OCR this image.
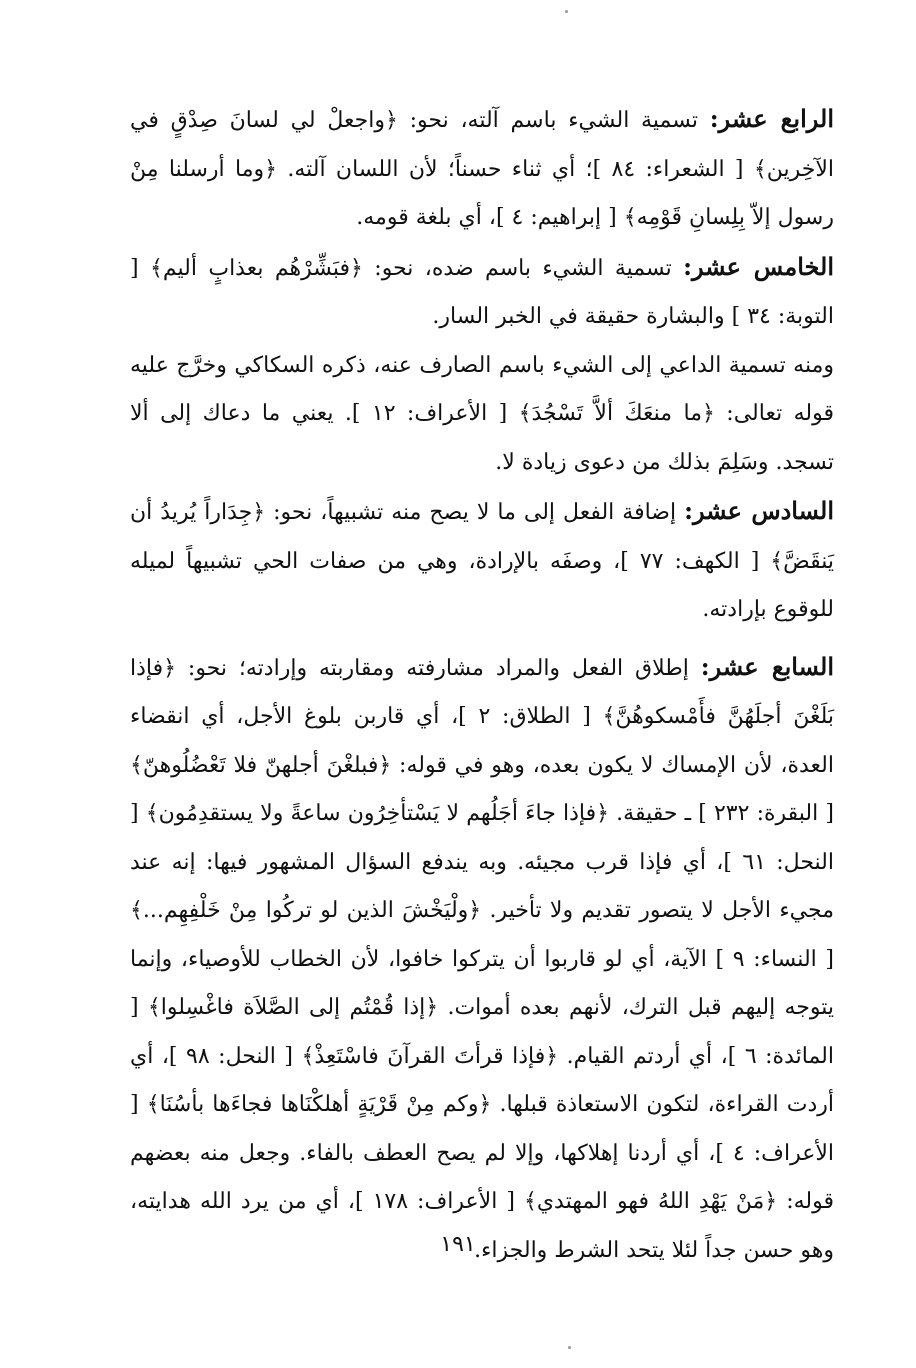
الرابع عشر: تسمية الشيء باسم آلته، نحو: ﴿واجعلْ لي لسانَ صِدْقٍ في الآخِرين﴾ [ الشعراء: ٨٤ ]؛ أي ثناء حسناً؛ لأن اللسان آلته. ﴿وما أرسلنا مِنْ رسول إلاّ بِلِسانِ قَوْمِه﴾ [ إبراهيم: ٤ ]، أي بلغة قومه.

الخامس عشر: تسمية الشيء باسم ضده، نحو: ﴿فبَشِّرْهُم بعذابٍ أليم﴾ [ التوبة: ٣٤ ] والبشارة حقيقة في الخبر السار.

ومنه تسمية الداعي إلى الشيء باسم الصارف عنه، ذكره السكاكي وخرَّج عليه قوله تعالى: ﴿ما منعَكَ ألاَّ تَسْجُدَ﴾ [ الأعراف: ١٢ ]. يعني ما دعاك إلى ألا تسجد. وسَلِمَ بذلك من دعوى زيادة لا.

السادس عشر: إضافة الفعل إلى ما لا يصح منه تشبيهاً، نحو: ﴿جِدَاراً يُريدُ أن يَنقَضَّ﴾ [ الكهف: ٧٧ ]، وصفَه بالإرادة، وهي من صفات الحي تشبيهاً لميله للوقوع بإرادته.

السابع عشر: إطلاق الفعل والمراد مشارفته ومقاربته وإرادته؛ نحو: ﴿فإذا بَلَغْنَ أجلَهُنَّ فأَمْسكوهُنَّ﴾ [ الطلاق: ٢ ]، أي قاربن بلوغ الأجل، أي انقضاء العدة، لأن الإمساك لا يكون بعده، وهو في قوله: ﴿فبلغْنَ أجلهنّ فلا تَعْضُلُوهنّ﴾ [ البقرة: ٢٣٢ ] ـ حقيقة. ﴿فإذا جاءَ أجَلُهم لا يَسْتأخِرُون ساعةً ولا يستقدِمُون﴾ [ النحل: ٦١ ]، أي فإذا قرب مجيئه. وبه يندفع السؤال المشهور فيها: إنه عند مجيء الأجل لا يتصور تقديم ولا تأخير. ﴿ولْيَخْشَ الذين لو تركُوا مِنْ خَلْفِهِم...﴾ [ النساء: ٩ ] الآية، أي لو قاربوا أن يتركوا خافوا، لأن الخطاب للأوصياء، وإنما يتوجه إليهم قبل الترك، لأنهم بعده أموات. ﴿إذا قُمْتُم إلى الصَّلاَة فاغْسِلوا﴾ [ المائدة: ٦ ]، أي أردتم القيام. ﴿فإذا قرأتَ القرآنَ فاسْتَعِذْ﴾ [ النحل: ٩٨ ]، أي أردت القراءة، لتكون الاستعاذة قبلها. ﴿وكم مِنْ قَرْيَةٍ أهلكْنَاها فجاءَها بأسُنَا﴾ [ الأعراف: ٤ ]، أي أردنا إهلاكها، وإلا لم يصح العطف بالفاء. وجعل منه بعضهم قوله: ﴿مَنْ يَهْدِ اللهُ فهو المهتدي﴾ [ الأعراف: ١٧٨ ]، أي من يرد الله هدايته، وهو حسن جداً لئلا يتحد الشرط والجزاء.

١٩١
